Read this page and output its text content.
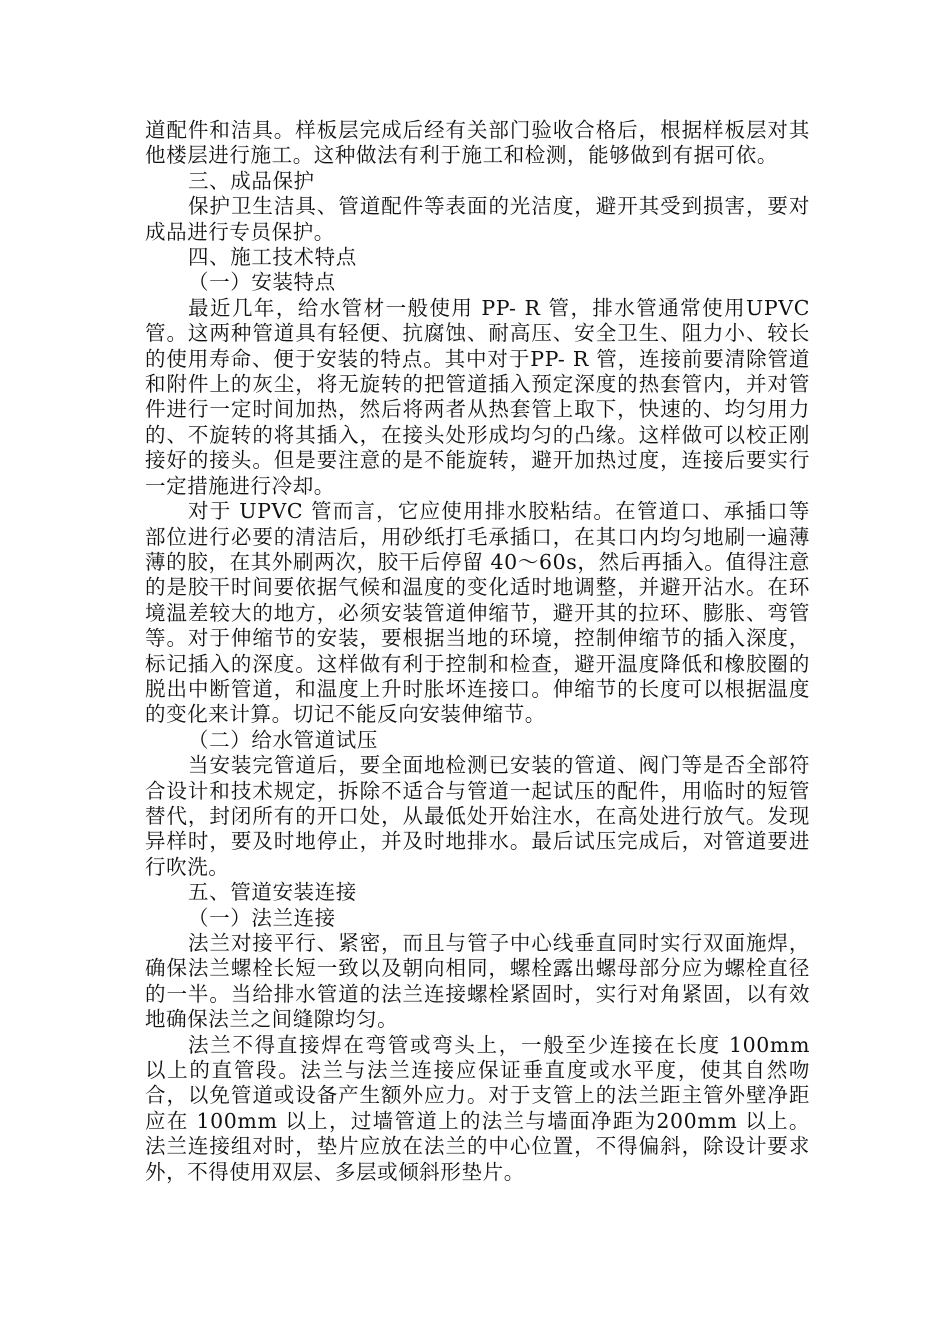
道配件和洁具。样板层完成后经有关部门验收合格后，根据样板层对其他楼层进行施工。这种做法有利于施工和检测，能够做到有据可依。

三、成品保护

保护卫生洁具、管道配件等表面的光洁度，避开其受到损害，要对成品进行专员保护。

四、施工技术特点

（一）安装特点

最近几年，给水管材一般使用 PP- R 管，排水管通常使用UPVC 管。这两种管道具有轻便、抗腐蚀、耐高压、安全卫生、阻力小、较长的使用寿命、便于安装的特点。其中对于PP- R 管，连接前要清除管道和附件上的灰尘，将无旋转的把管道插入预定深度的热套管内，并对管件进行一定时间加热，然后将两者从热套管上取下，快速的、均匀用力的、不旋转的将其插入，在接头处形成均匀的凸缘。这样做可以校正刚接好的接头。但是要注意的是不能旋转，避开加热过度，连接后要实行一定措施进行冷却。

对于 UPVC 管而言，它应使用排水胶粘结。在管道口、承插口等部位进行必要的清洁后，用砂纸打毛承插口，在其口内均匀地刷一遍薄薄的胶，在其外刷两次，胶干后停留 40～60s，然后再插入。值得注意的是胶干时间要依据气候和温度的变化适时地调整，并避开沾水。在环境温差较大的地方，必须安装管道伸缩节，避开其的拉环、膨胀、弯管等。对于伸缩节的安装，要根据当地的环境，控制伸缩节的插入深度，标记插入的深度。这样做有利于控制和检查，避开温度降低和橡胶圈的脱出中断管道，和温度上升时胀坏连接口。伸缩节的长度可以根据温度的变化来计算。切记不能反向安装伸缩节。

（二）给水管道试压

当安装完管道后，要全面地检测已安装的管道、阀门等是否全部符合设计和技术规定，拆除不适合与管道一起试压的配件，用临时的短管替代，封闭所有的开口处，从最低处开始注水，在高处进行放气。发现异样时，要及时地停止，并及时地排水。最后试压完成后，对管道要进行吹洗。

五、管道安装连接

（一）法兰连接

法兰对接平行、紧密，而且与管子中心线垂直同时实行双面施焊，确保法兰螺栓长短一致以及朝向相同，螺栓露出螺母部分应为螺栓直径的一半。当给排水管道的法兰连接螺栓紧固时，实行对角紧固，以有效地确保法兰之间缝隙均匀。

法兰不得直接焊在弯管或弯头上，一般至少连接在长度 100mm 以上的直管段。法兰与法兰连接应保证垂直度或水平度，使其自然吻合，以免管道或设备产生额外应力。对于支管上的法兰距主管外壁净距应在 100mm 以上，过墙管道上的法兰与墙面净距为200mm 以上。法兰连接组对时，垫片应放在法兰的中心位置，不得偏斜，除设计要求外，不得使用双层、多层或倾斜形垫片。
